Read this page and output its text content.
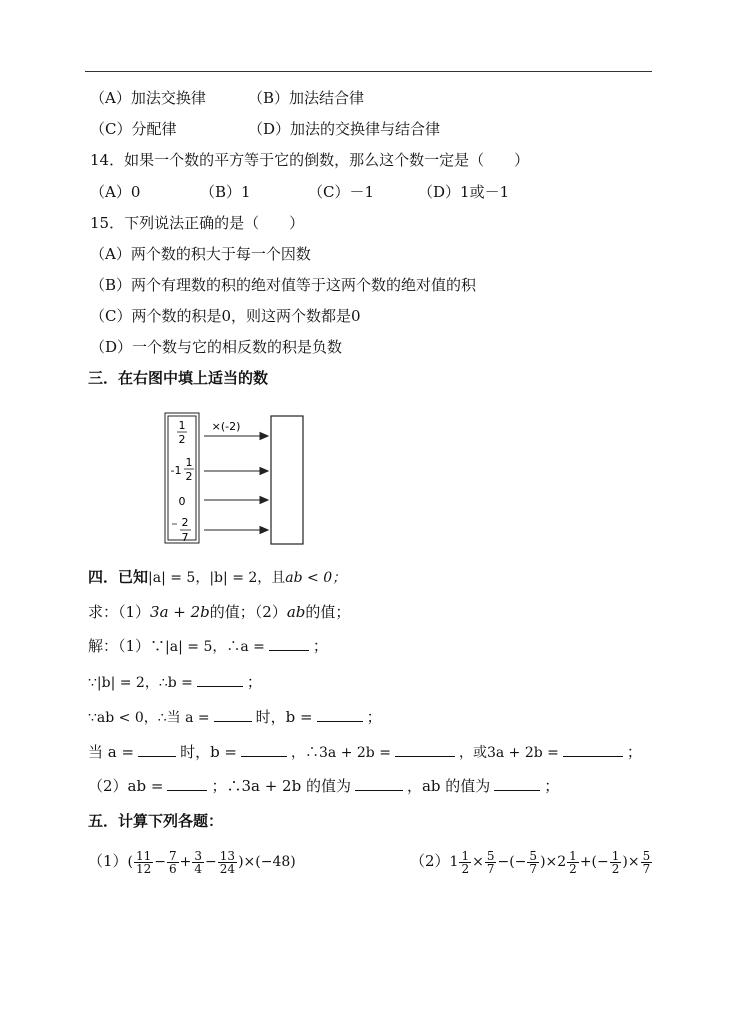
（A）加法交换律	（B）加法结合律
（C）分配律	（D）加法的交换律与结合律
14．如果一个数的平方等于它的倒数，那么这个数一定是（　　）
（A）0	（B）1	（C）－1	（D）1或－1
15．下列说法正确的是（　　）
（A）两个数的积大于每一个因数
（B）两个有理数的积的绝对值等于这两个数的绝对值的积
（C）两个数的积是0，则这两个数都是0
（D）一个数与它的相反数的积是负数
三．在右图中填上适当的数
1
2
-1
1
2
0
2
7
×(-2)
四．已知|a| = 5，|b| = 2，且ab < 0；
求：（1）3a + 2b的值；（2）ab的值；
解：（1）∵|a| = 5，∴a =	；
∵|b| = 2，∴b =	；
∵ab < 0，∴当 a =	时，b =	；
当 a =	时，b =	，∴3a + 2b =	，或3a + 2b =	；
（2）ab =	；∴3a + 2b 的值为	，ab 的值为	；
五．计算下列各题：
$(1)( \frac{11}{12} - \frac{7}{6} + \frac{3}{4} - \frac{13}{24} )\times(-48)$	$(2)1 \frac{1}{2} \times \frac{5}{7}$ −(− $\frac{5}{7} )\times 2 \frac{1}{2}$ +(− $\frac{1}{2}$ )× $\frac{5}{7}$
